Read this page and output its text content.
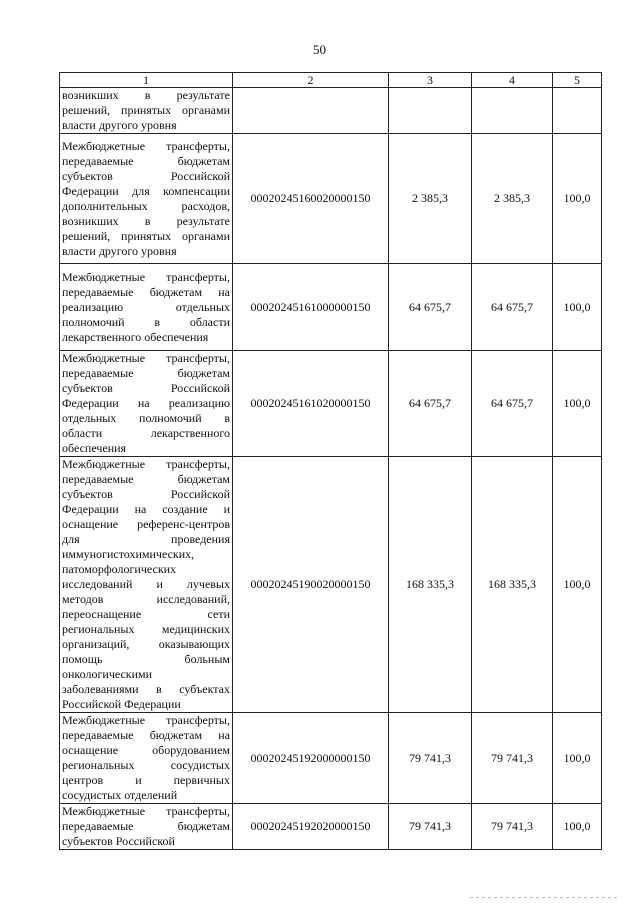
50
1	2	3	4	5
возникших в результате решений, принятых органами власти другого уровня				
Межбюджетные трансферты, передаваемые бюджетам субъектов Российской Федерации для компенсации дополнительных расходов, возникших в результате решений, принятых органами власти другого уровня	00020245160020000150	2 385,3	2 385,3	100,0
Межбюджетные трансферты, передаваемые бюджетам на реализацию отдельных полномочий в области лекарственного обеспечения	00020245161000000150	64 675,7	64 675,7	100,0
Межбюджетные трансферты, передаваемые бюджетам субъектов Российской Федерации на реализацию отдельных полномочий в области лекарственного обеспечения	00020245161020000150	64 675,7	64 675,7	100,0
Межбюджетные трансферты, передаваемые бюджетам субъектов Российской Федерации на создание и оснащение референс-центров для проведения иммуногистохимических, патоморфологических исследований и лучевых методов исследований, переоснащение сети региональных медицинских организаций, оказывающих помощь больным онкологическими заболеваниями в субъектах Российской Федерации	00020245190020000150	168 335,3	168 335,3	100,0
Межбюджетные трансферты, передаваемые бюджетам на оснащение оборудованием региональных сосудистых центров и первичных сосудистых отделений	00020245192000000150	79 741,3	79 741,3	100,0
Межбюджетные трансферты, передаваемые бюджетам субъектов Российской	00020245192020000150	79 741,3	79 741,3	100,0
